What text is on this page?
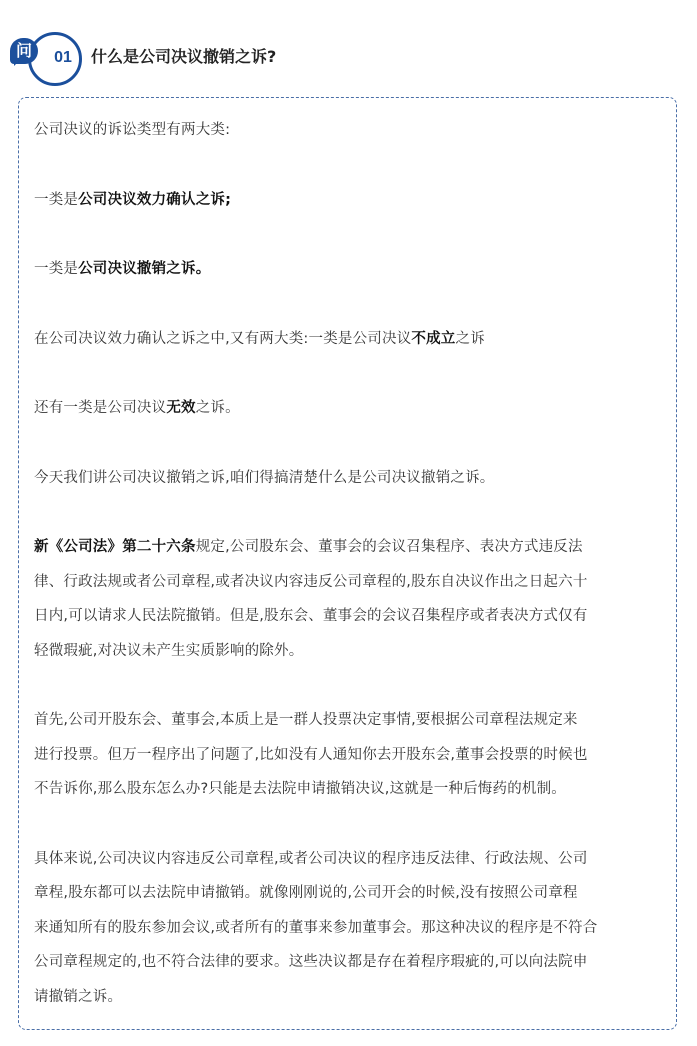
01
问	什么是公司决议撤销之诉?

公司决议的诉讼类型有两大类:

一类是公司决议效力确认之诉;

一类是公司决议撤销之诉。

在公司决议效力确认之诉之中,又有两大类:一类是公司决议不成立之诉

还有一类是公司决议无效之诉。

今天我们讲公司决议撤销之诉,咱们得搞清楚什么是公司决议撤销之诉。

新《公司法》第二十六条规定,公司股东会、董事会的会议召集程序、表决方式违反法
律、行政法规或者公司章程,或者决议内容违反公司章程的,股东自决议作出之日起六十
日内,可以请求人民法院撤销。但是,股东会、董事会的会议召集程序或者表决方式仅有
轻微瑕疵,对决议未产生实质影响的除外。

首先,公司开股东会、董事会,本质上是一群人投票决定事情,要根据公司章程法规定来
进行投票。但万一程序出了问题了,比如没有人通知你去开股东会,董事会投票的时候也
不告诉你,那么股东怎么办?只能是去法院申请撤销决议,这就是一种后悔药的机制。

具体来说,公司决议内容违反公司章程,或者公司决议的程序违反法律、行政法规、公司
章程,股东都可以去法院申请撤销。就像刚刚说的,公司开会的时候,没有按照公司章程
来通知所有的股东参加会议,或者所有的董事来参加董事会。那这种决议的程序是不符合
公司章程规定的,也不符合法律的要求。这些决议都是存在着程序瑕疵的,可以向法院申
请撤销之诉。
